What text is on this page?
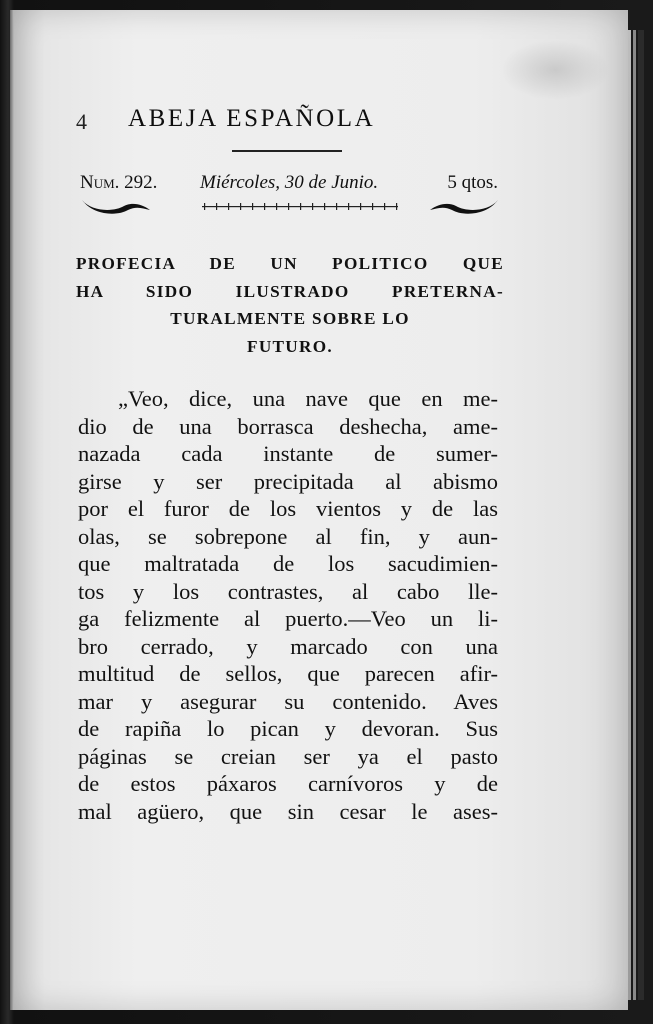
4 ABEJA ESPAÑOLA
Num. 292. Miércoles, 30 de Junio.	5 qtos.
PROFECIA DE UN POLITICO QUE
HA SIDO ILUSTRADO PRETERNA-
TURALMENTE SOBRE LO
FUTURO.
„Veo, dice, una nave que en me-
dio de una borrasca deshecha, ame-
nazada cada instante de sumer-
girse y ser precipitada al abismo
por el furor de los vientos y de las
olas, se sobrepone al fin, y aun-
que maltratada de los sacudimien-
tos y los contrastes, al cabo lle-
ga felizmente al puerto.—Veo un li-
bro cerrado, y marcado con una
multitud de sellos, que parecen afir-
mar y asegurar su contenido. Aves
de rapiña lo pican y devoran. Sus
páginas se creian ser ya el pasto
de estos páxaros carnívoros y de
mal agüero, que sin cesar le ases-
